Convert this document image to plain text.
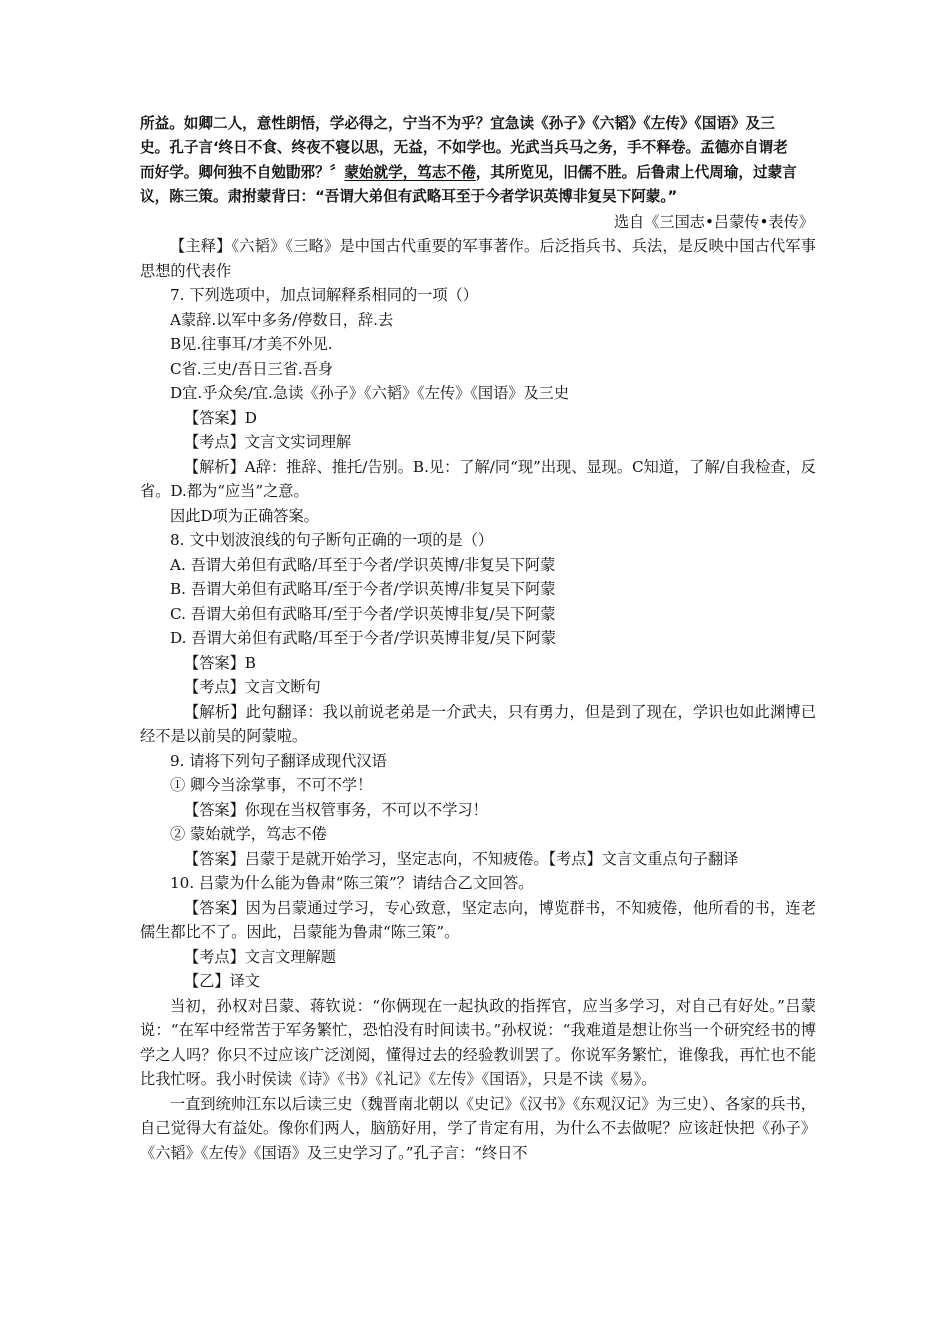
所益。如卿二人，意性朗悟，学必得之，宁当不为乎？宜急读《孙子》《六韬》《左传》《国语》及三

史。孔子言‘终日不食、终夜不寝以思，无益，不如学也。光武当兵马之务，手不释卷。孟德亦自谓老

而好学。卿何独不自勉勖邪？〞蒙始就学，笃志不倦，其所览见，旧儒不胜。后鲁肃上代周瑜，过蒙言

议，陈三策。肃拊蒙背曰：“吾谓大弟但有武略耳至于今者学识英博非复吴下阿蒙。”

选自《三国志•吕蒙传•表传》

【主释】《六韬》《三略》是中国古代重要的军事著作。后泛指兵书、兵法，是反映中国古代军事思想的代表作

7. 下列选项中，加点词解释系相同的一项（）

A蒙辞.以军中多务/停数日，辞.去

B见.往事耳/才美不外见.

C省.三史/吾日三省.吾身

D宜.乎众矣/宜.急读《孙子》《六韬》《左传》《国语》及三史

【答案】D

【考点】文言文实词理解

【解析】A辞：推辞、推托/告别。B.见：了解/同“现”出现、显现。C知道，了解/自我检查，反省。D.都为“应当”之意。

因此D项为正确答案。

8. 文中划波浪线的句子断句正确的一项的是（）

A. 吾谓大弟但有武略/耳至于今者/学识英博/非复吴下阿蒙

B. 吾谓大弟但有武略耳/至于今者/学识英博/非复吴下阿蒙

C. 吾谓大弟但有武略耳/至于今者/学识英博非复/吴下阿蒙

D. 吾谓大弟但有武略/耳至于今者/学识英博非复/吴下阿蒙

【答案】B

【考点】文言文断句

【解析】此句翻译：我以前说老弟是一介武夫，只有勇力，但是到了现在，学识也如此渊博已经不是以前吴的阿蒙啦。

9. 请将下列句子翻译成现代汉语

① 卿今当涂掌事，不可不学！

【答案】你现在当权管事务，不可以不学习！

② 蒙始就学，笃志不倦

【答案】吕蒙于是就开始学习，坚定志向，不知疲倦。【考点】文言文重点句子翻译

10. 吕蒙为什么能为鲁肃“陈三策”？请结合乙文回答。

【答案】因为吕蒙通过学习，专心致意，坚定志向，博览群书，不知疲倦，他所看的书，连老儒生都比不了。因此，吕蒙能为鲁肃“陈三策”。

【考点】文言文理解题

【乙】译文

当初，孙权对吕蒙、蒋钦说：“你俩现在一起执政的指挥官，应当多学习，对自己有好处。”吕蒙说：“在军中经常苦于军务繁忙，恐怕没有时间读书。”孙权说：“我难道是想让你当一个研究经书的博学之人吗？你只不过应该广泛浏阅，懂得过去的经验教训罢了。你说军务繁忙，谁像我，再忙也不能比我忙呀。我小时侯读《诗》《书》《礼记》《左传》《国语》，只是不读《易》。

一直到统帅江东以后读三史（魏晋南北朝以《史记》《汉书》《东观汉记》为三史）、各家的兵书，自己觉得大有益处。像你们两人，脑筋好用，学了肯定有用，为什么不去做呢？应该赶快把《孙子》《六韬》《左传》《国语》及三史学习了。”孔子言：“终日不
